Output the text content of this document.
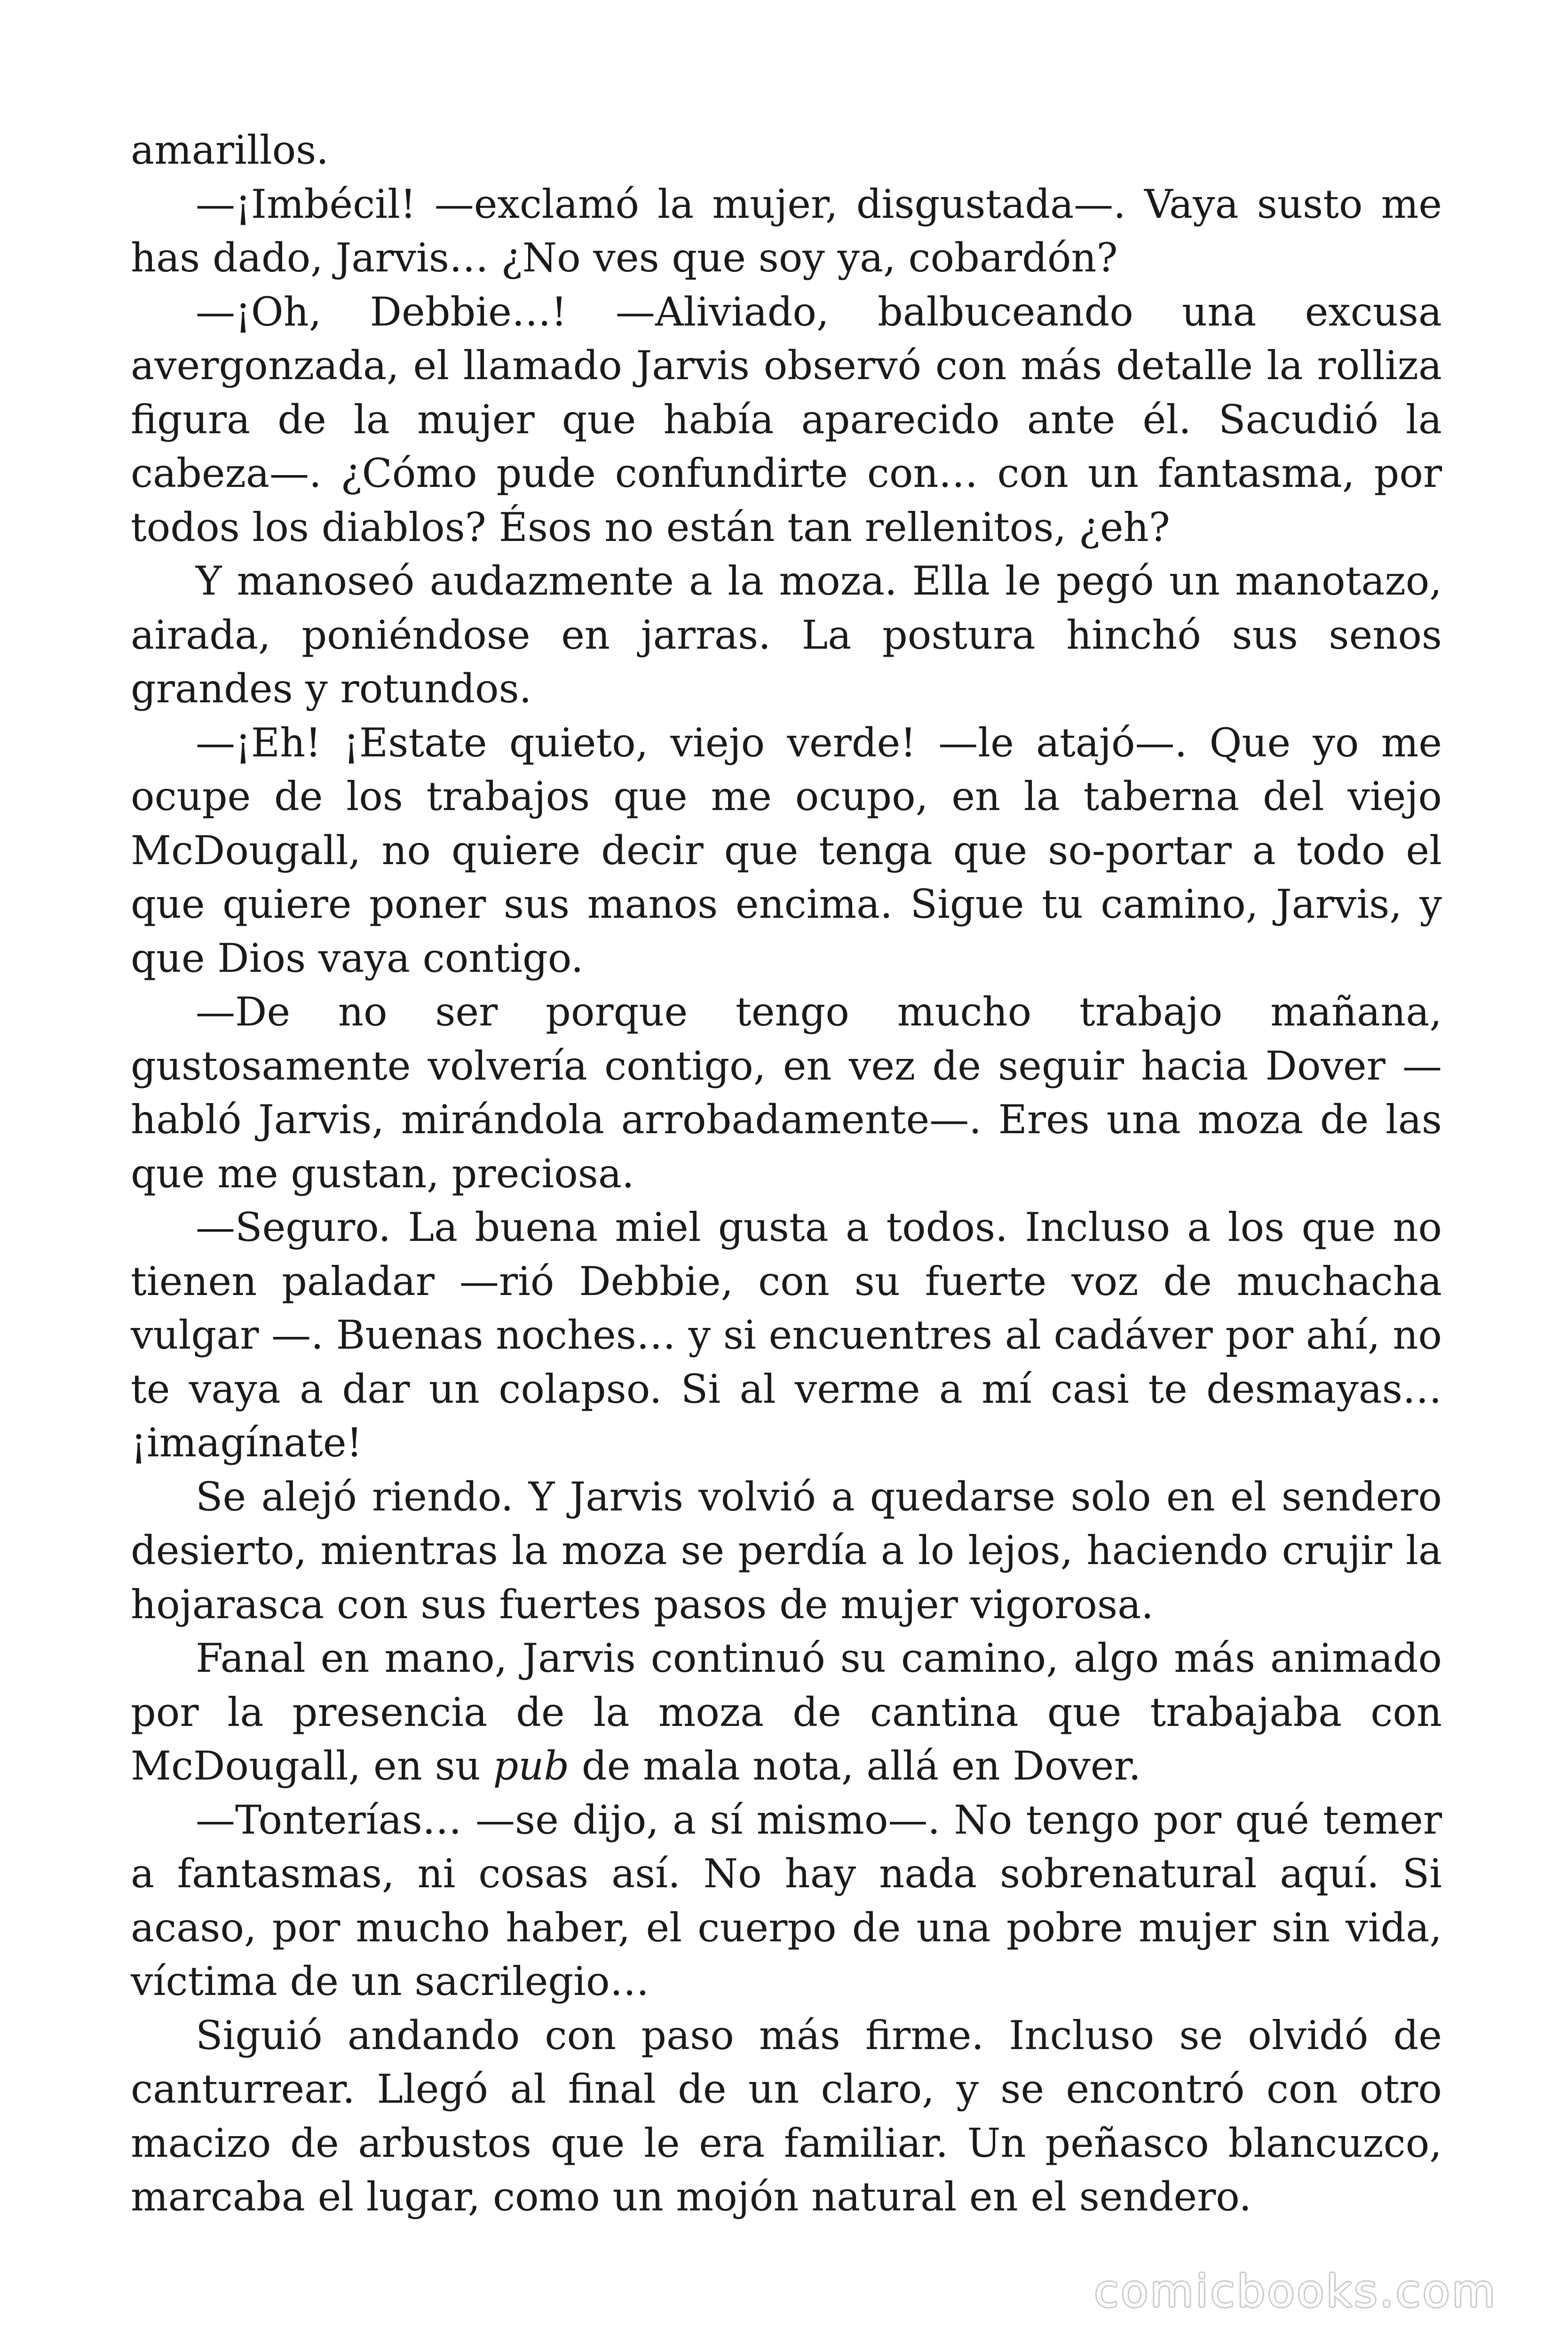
amarillos.

—¡Imbécil! —exclamó la mujer, disgustada—. Vaya susto me has dado, Jarvis… ¿No ves que soy ya, cobardón?

—¡Oh, Debbie…! —Aliviado, balbuceando una excusa avergonzada, el llamado Jarvis observó con más detalle la rolliza figura de la mujer que había aparecido ante él. Sacudió la cabeza—. ¿Cómo pude confundirte con… con un fantasma, por todos los diablos? Ésos no están tan rellenitos, ¿eh?

Y manoseó audazmente a la moza. Ella le pegó un manotazo, airada, poniéndose en jarras. La postura hinchó sus senos grandes y rotundos.

—¡Eh! ¡Estate quieto, viejo verde! —le atajó—. Que yo me ocupe de los trabajos que me ocupo, en la taberna del viejo McDougall, no quiere decir que tenga que so-portar a todo el que quiere poner sus manos encima. Sigue tu camino, Jarvis, y que Dios vaya contigo.

—De no ser porque tengo mucho trabajo mañana, gustosamente volvería contigo, en vez de seguir hacia Dover —habló Jarvis, mirándola arrobadamente—. Eres una moza de las que me gustan, preciosa.

—Seguro. La buena miel gusta a todos. Incluso a los que no tienen paladar —rió Debbie, con su fuerte voz de muchacha vulgar —. Buenas noches… y si encuentres al cadáver por ahí, no te vaya a dar un colapso. Si al verme a mí casi te desmayas… ¡imagínate!

Se alejó riendo. Y Jarvis volvió a quedarse solo en el sendero desierto, mientras la moza se perdía a lo lejos, haciendo crujir la hojarasca con sus fuertes pasos de mujer vigorosa.

Fanal en mano, Jarvis continuó su camino, algo más animado por la presencia de la moza de cantina que trabajaba con McDougall, en su pub de mala nota, allá en Dover.

—Tonterías… —se dijo, a sí mismo—. No tengo por qué temer a fantasmas, ni cosas así. No hay nada sobrenatural aquí. Si acaso, por mucho haber, el cuerpo de una pobre mujer sin vida, víctima de un sacrilegio…

Siguió andando con paso más firme. Incluso se olvidó de canturrear. Llegó al final de un claro, y se encontró con otro macizo de arbustos que le era familiar. Un peñasco blancuzco, marcaba el lugar, como un mojón natural en el sendero.

comicbooks.com
